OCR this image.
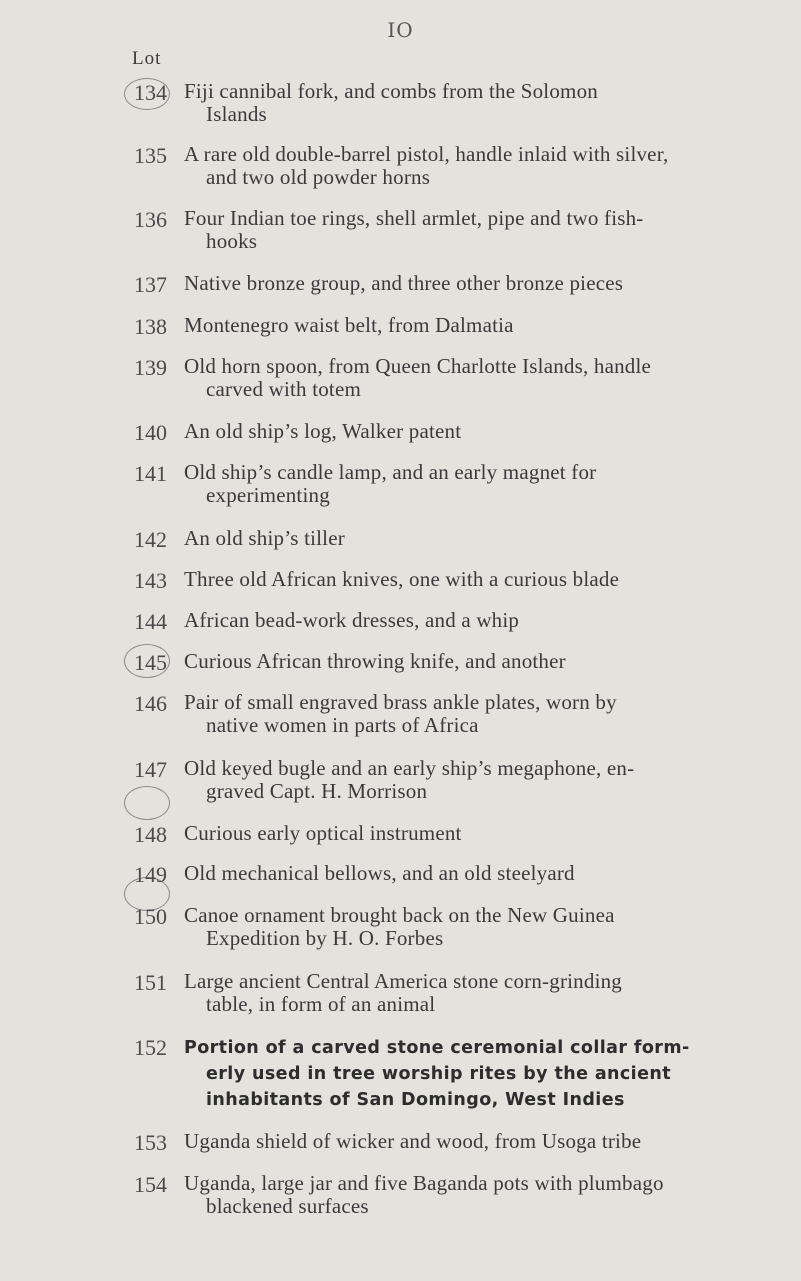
IO
Lot
134 Fiji cannibal fork, and combs from the Solomon
Islands
135 A rare old double-barrel pistol, handle inlaid with silver,
and two old powder horns
136 Four Indian toe rings, shell armlet, pipe and two fish-
hooks
137 Native bronze group, and three other bronze pieces
138 Montenegro waist belt, from Dalmatia
139 Old horn spoon, from Queen Charlotte Islands, handle
carved with totem
140 An old ship’s log, Walker patent
141 Old ship’s candle lamp, and an early magnet for
experimenting
142 An old ship’s tiller
143 Three old African knives, one with a curious blade
144 African bead-work dresses, and a whip
145 Curious African throwing knife, and another
146 Pair of small engraved brass ankle plates, worn by
native women in parts of Africa
147 Old keyed bugle and an early ship’s megaphone, en-
graved Capt. H. Morrison
148 Curious early optical instrument
149 Old mechanical bellows, and an old steelyard
150 Canoe ornament brought back on the New Guinea
Expedition by H. O. Forbes
151 Large ancient Central America stone corn-grinding
table, in form of an animal
152 Portion of a carved stone ceremonial collar form-
erly used in tree worship rites by the ancient
inhabitants of San Domingo, West Indies
153 Uganda shield of wicker and wood, from Usoga tribe
154 Uganda, large jar and five Baganda pots with plumbago
blackened surfaces
